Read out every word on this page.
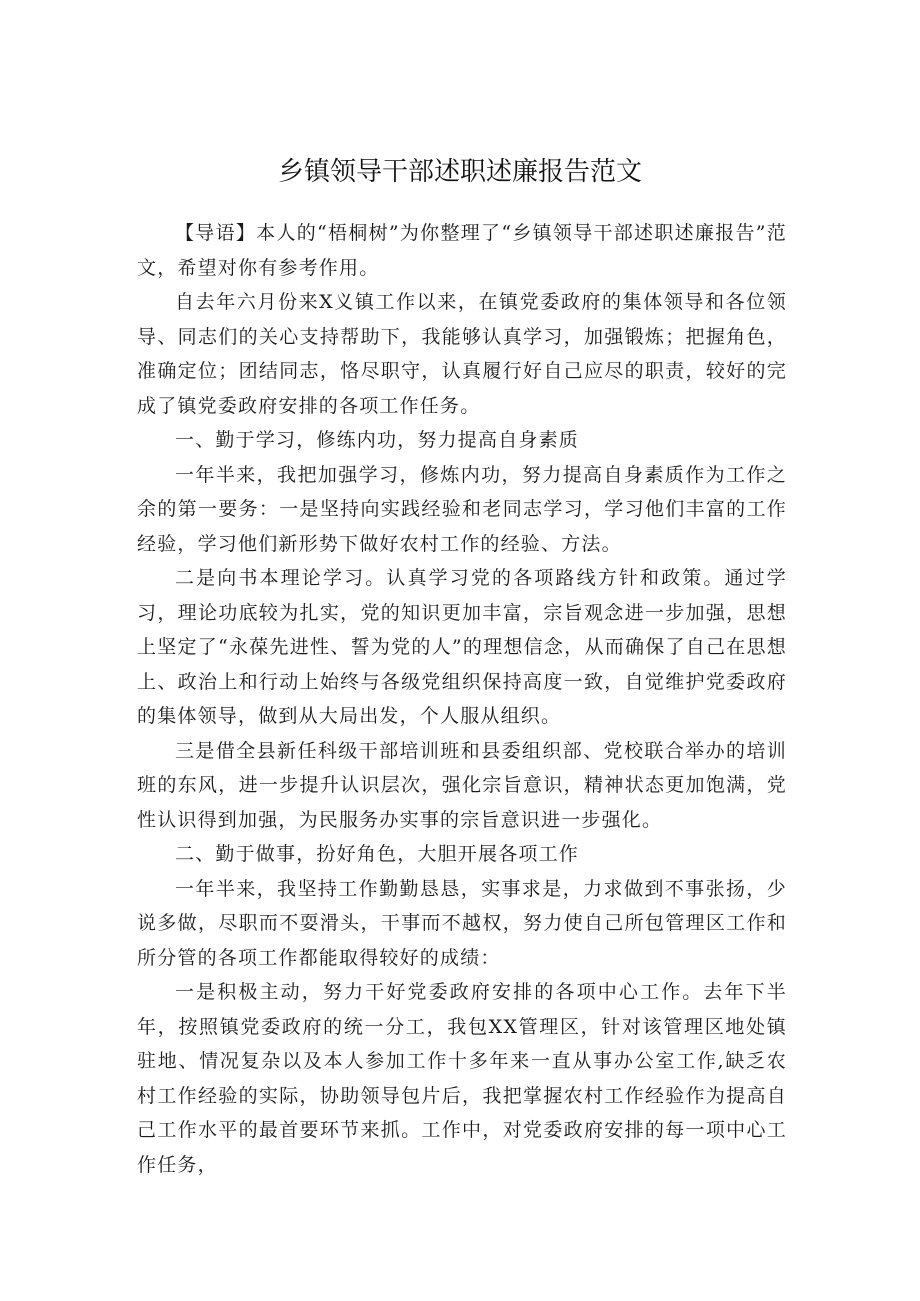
乡镇领导干部述职述廉报告范文

【导语】本人的“梧桐树”为你整理了“乡镇领导干部述职述廉报告”范文，希望对你有参考作用。

自去年六月份来X义镇工作以来，在镇党委政府的集体领导和各位领导、同志们的关心支持帮助下，我能够认真学习，加强锻炼；把握角色，准确定位；团结同志，恪尽职守，认真履行好自己应尽的职责，较好的完成了镇党委政府安排的各项工作任务。

一、勤于学习，修练内功，努力提高自身素质

一年半来，我把加强学习，修炼内功，努力提高自身素质作为工作之余的第一要务：一是坚持向实践经验和老同志学习，学习他们丰富的工作经验，学习他们新形势下做好农村工作的经验、方法。

二是向书本理论学习。认真学习党的各项路线方针和政策。通过学习，理论功底较为扎实，党的知识更加丰富，宗旨观念进一步加强，思想上坚定了“永葆先进性、誓为党的人”的理想信念，从而确保了自己在思想上、政治上和行动上始终与各级党组织保持高度一致，自觉维护党委政府的集体领导，做到从大局出发，个人服从组织。

三是借全县新任科级干部培训班和县委组织部、党校联合举办的培训班的东风，进一步提升认识层次，强化宗旨意识，精神状态更加饱满，党性认识得到加强，为民服务办实事的宗旨意识进一步强化。

二、勤于做事，扮好角色，大胆开展各项工作

一年半来，我坚持工作勤勤恳恳，实事求是，力求做到不事张扬，少说多做，尽职而不耍滑头，干事而不越权，努力使自己所包管理区工作和所分管的各项工作都能取得较好的成绩：

一是积极主动，努力干好党委政府安排的各项中心工作。去年下半年，按照镇党委政府的统一分工，我包XX管理区，针对该管理区地处镇驻地、情况复杂以及本人参加工作十多年来一直从事办公室工作,缺乏农村工作经验的实际，协助领导包片后，我把掌握农村工作经验作为提高自己工作水平的最首要环节来抓。工作中，对党委政府安排的每一项中心工作任务，
